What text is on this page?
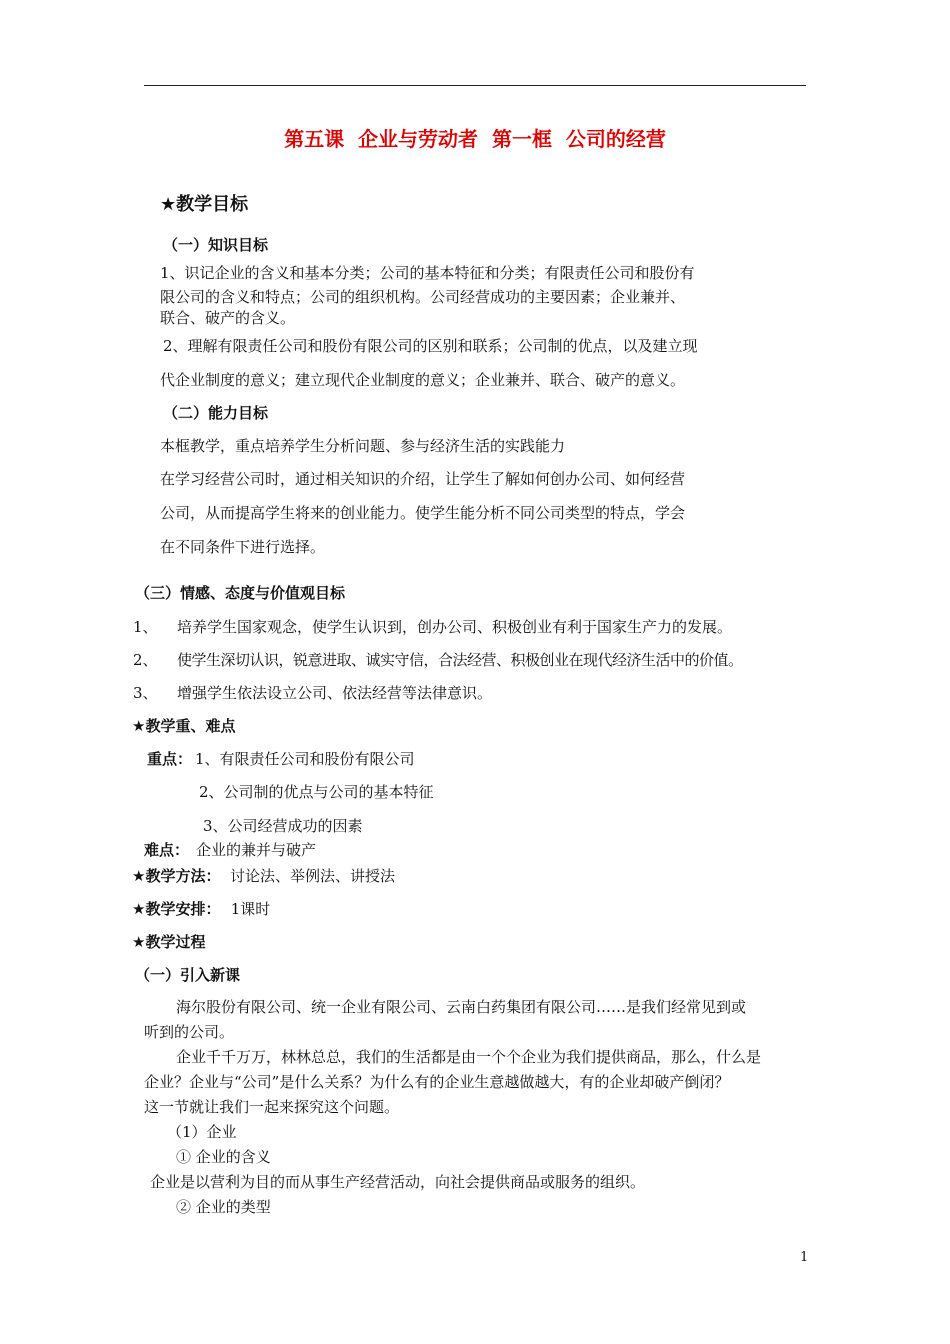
第五课  企业与劳动者  第一框  公司的经营
★教学目标
（一）知识目标
1、识记企业的含义和基本分类；公司的基本特征和分类；有限责任公司和股份有
限公司的含义和特点；公司的组织机构。公司经营成功的主要因素；企业兼并、
联合、破产的含义。
2、理解有限责任公司和股份有限公司的区别和联系；公司制的优点，以及建立现
代企业制度的意义；建立现代企业制度的意义；企业兼并、联合、破产的意义。
（二）能力目标
本框教学，重点培养学生分析问题、参与经济生活的实践能力
在学习经营公司时，通过相关知识的介绍，让学生了解如何创办公司、如何经营
公司，从而提高学生将来的创业能力。使学生能分析不同公司类型的特点，学会
在不同条件下进行选择。
（三）情感、态度与价值观目标
1、 培养学生国家观念，使学生认识到，创办公司、积极创业有利于国家生产力的发展。
2、 使学生深切认识，锐意进取、诚实守信，合法经营、积极创业在现代经济生活中的价值。
3、 增强学生依法设立公司、依法经营等法律意识。
★教学重、难点
重点： 1、有限责任公司和股份有限公司
2、公司制的优点与公司的基本特征
3、公司经营成功的因素
难点： 企业的兼并与破产
★教学方法： 讨论法、举例法、讲授法
★教学安排： 1课时
★教学过程
（一）引入新课
海尔股份有限公司、统一企业有限公司、云南白药集团有限公司……是我们经常见到或
听到的公司。
企业千千万万，林林总总，我们的生活都是由一个个企业为我们提供商品，那么，什么是
企业？企业与“公司”是什么关系？为什么有的企业生意越做越大，有的企业却破产倒闭？
这一节就让我们一起来探究这个问题。
（1）企业
① 企业的含义
企业是以营利为目的而从事生产经营活动，向社会提供商品或服务的组织。
② 企业的类型
1
